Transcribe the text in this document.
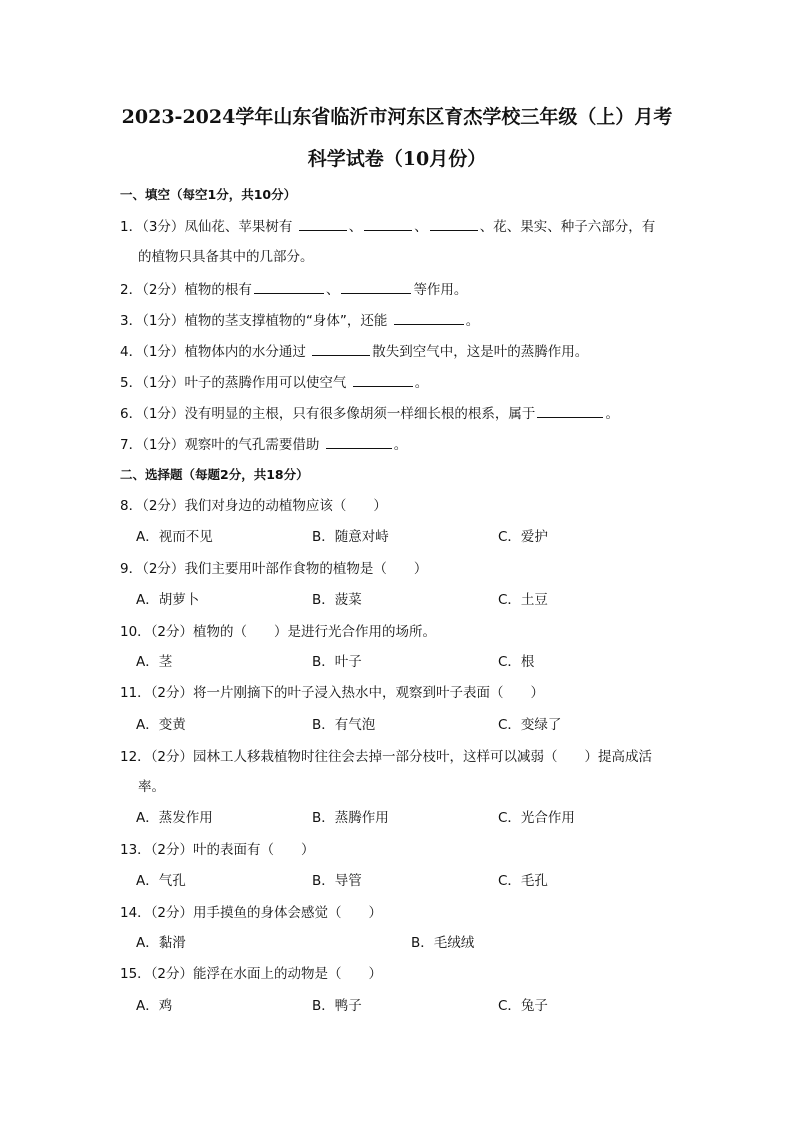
2023-2024学年山东省临沂市河东区育杰学校三年级（上）月考
科学试卷（10月份）
一、填空（每空1分，共10分）
1．（3分）凤仙花、苹果树有	、	、	、花、果实、种子六部分，有
的植物只具备其中的几部分。
2．（2分）植物的根有	、	等作用。
3．（1分）植物的茎支撑植物的“身体”，还能	。
4．（1分）植物体内的水分通过	散失到空气中，这是叶的蒸腾作用。
5．（1分）叶子的蒸腾作用可以使空气	。
6．（1分）没有明显的主根，只有很多像胡须一样细长根的根系，属于	。
7．（1分）观察叶的气孔需要借助	。
二、选择题（每题2分，共18分）
8．（2分）我们对身边的动植物应该（　　）
A．视而不见	B．随意对峙	C．爱护
9．（2分）我们主要用叶部作食物的植物是（　　）
A．胡萝卜	B．菠菜	C．土豆
10．（2分）植物的（　　）是进行光合作用的场所。
A．茎	B．叶子	C．根
11．（2分）将一片刚摘下的叶子浸入热水中，观察到叶子表面（　　）
A．变黄	B．有气泡	C．变绿了
12．（2分）园林工人移栽植物时往往会去掉一部分枝叶，这样可以减弱（　　）提高成活
率。
A．蒸发作用	B．蒸腾作用	C．光合作用
13．（2分）叶的表面有（　　）
A．气孔	B．导管	C．毛孔
14．（2分）用手摸鱼的身体会感觉（　　）
A．黏滑	B．毛绒绒
15．（2分）能浮在水面上的动物是（　　）
A．鸡	B．鸭子	C．兔子
